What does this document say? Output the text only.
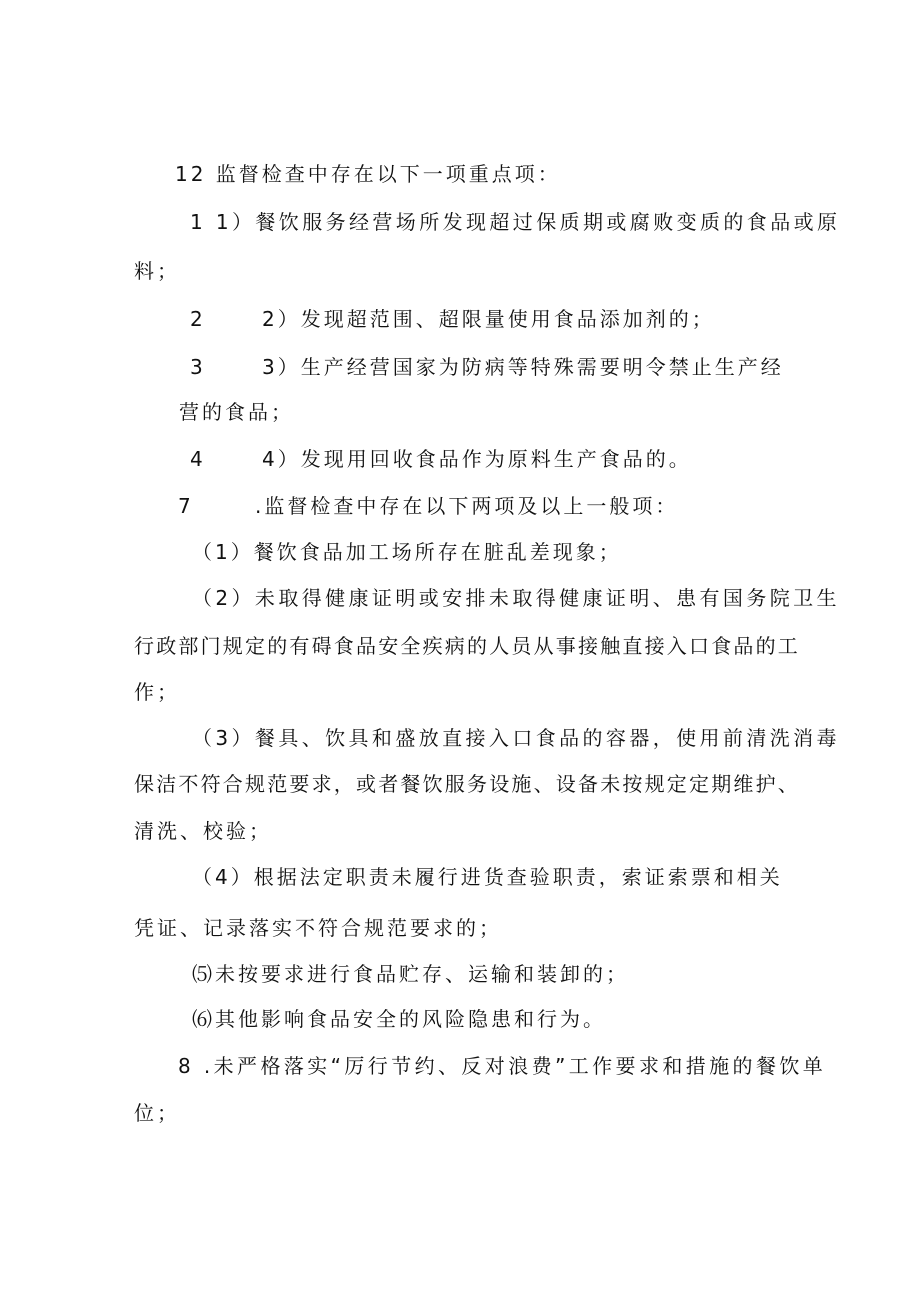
12 监督检查中存在以下一项重点项：
1 1）餐饮服务经营场所发现超过保质期或腐败变质的食品或原
料；
2	2）发现超范围、超限量使用食品添加剂的；
3	3）生产经营国家为防病等特殊需要明令禁止生产经
营的食品；
4	4）发现用回收食品作为原料生产食品的。
7	.监督检查中存在以下两项及以上一般项：
（1）餐饮食品加工场所存在脏乱差现象；
（2）未取得健康证明或安排未取得健康证明、患有国务院卫生
行政部门规定的有碍食品安全疾病的人员从事接触直接入口食品的工
作；
（3）餐具、饮具和盛放直接入口食品的容器，使用前清洗消毒
保洁不符合规范要求，或者餐饮服务设施、设备未按规定定期维护、
清洗、校验；
（4）根据法定职责未履行进货查验职责，索证索票和相关
凭证、记录落实不符合规范要求的；
⑸未按要求进行食品贮存、运输和装卸的；
⑹其他影响食品安全的风险隐患和行为。
8 .未严格落实“厉行节约、反对浪费”工作要求和措施的餐饮单
位；
